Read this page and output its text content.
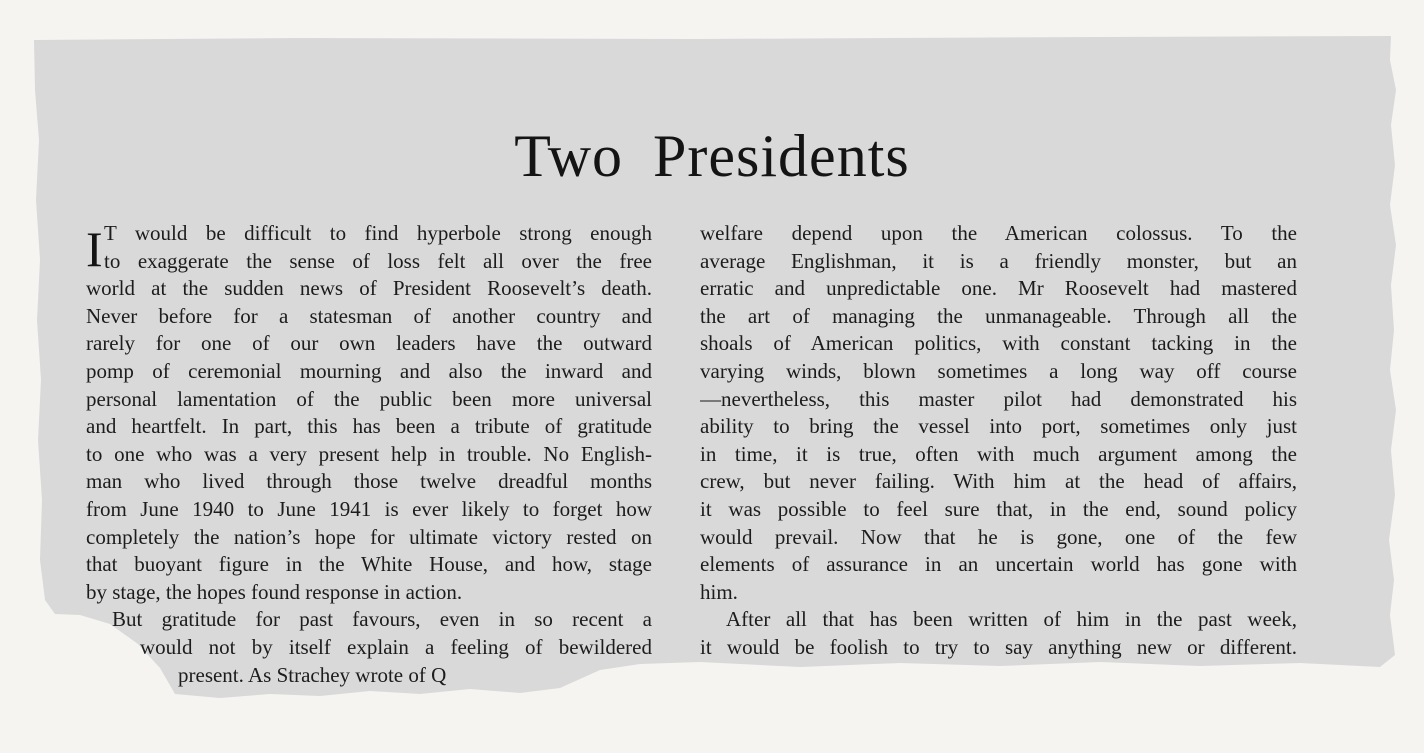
Two Presidents
I T would be difficult to find hyperbole strong enough
to exaggerate the sense of loss felt all over the free
world at the sudden news of President Roosevelt’s death.
Never before for a statesman of another country and
rarely for one of our own leaders have the outward
pomp of ceremonial mourning and also the inward and
personal lamentation of the public been more universal
and heartfelt. In part, this has been a tribute of gratitude
to one who was a very present help in trouble. No English-
man who lived through those twelve dreadful months
from June 1940 to June 1941 is ever likely to forget how
completely the nation’s hope for ultimate victory rested on
that buoyant figure in the White House, and how, stage
by stage, the hopes found response in action.
But gratitude for past favours, even in so recent a
would not by itself explain a feeling of bewildered
present. As Strachey wrote of Q
welfare depend upon the American colossus. To the
average Englishman, it is a friendly monster, but an
erratic and unpredictable one. Mr Roosevelt had mastered
the art of managing the unmanageable. Through all the
shoals of American politics, with constant tacking in the
varying winds, blown sometimes a long way off course
—nevertheless, this master pilot had demonstrated his
ability to bring the vessel into port, sometimes only just
in time, it is true, often with much argument among the
crew, but never failing. With him at the head of affairs,
it was possible to feel sure that, in the end, sound policy
would prevail. Now that he is gone, one of the few
elements of assurance in an uncertain world has gone with
him.
After all that has been written of him in the past week,
it would be foolish to try to say anything new or different.
